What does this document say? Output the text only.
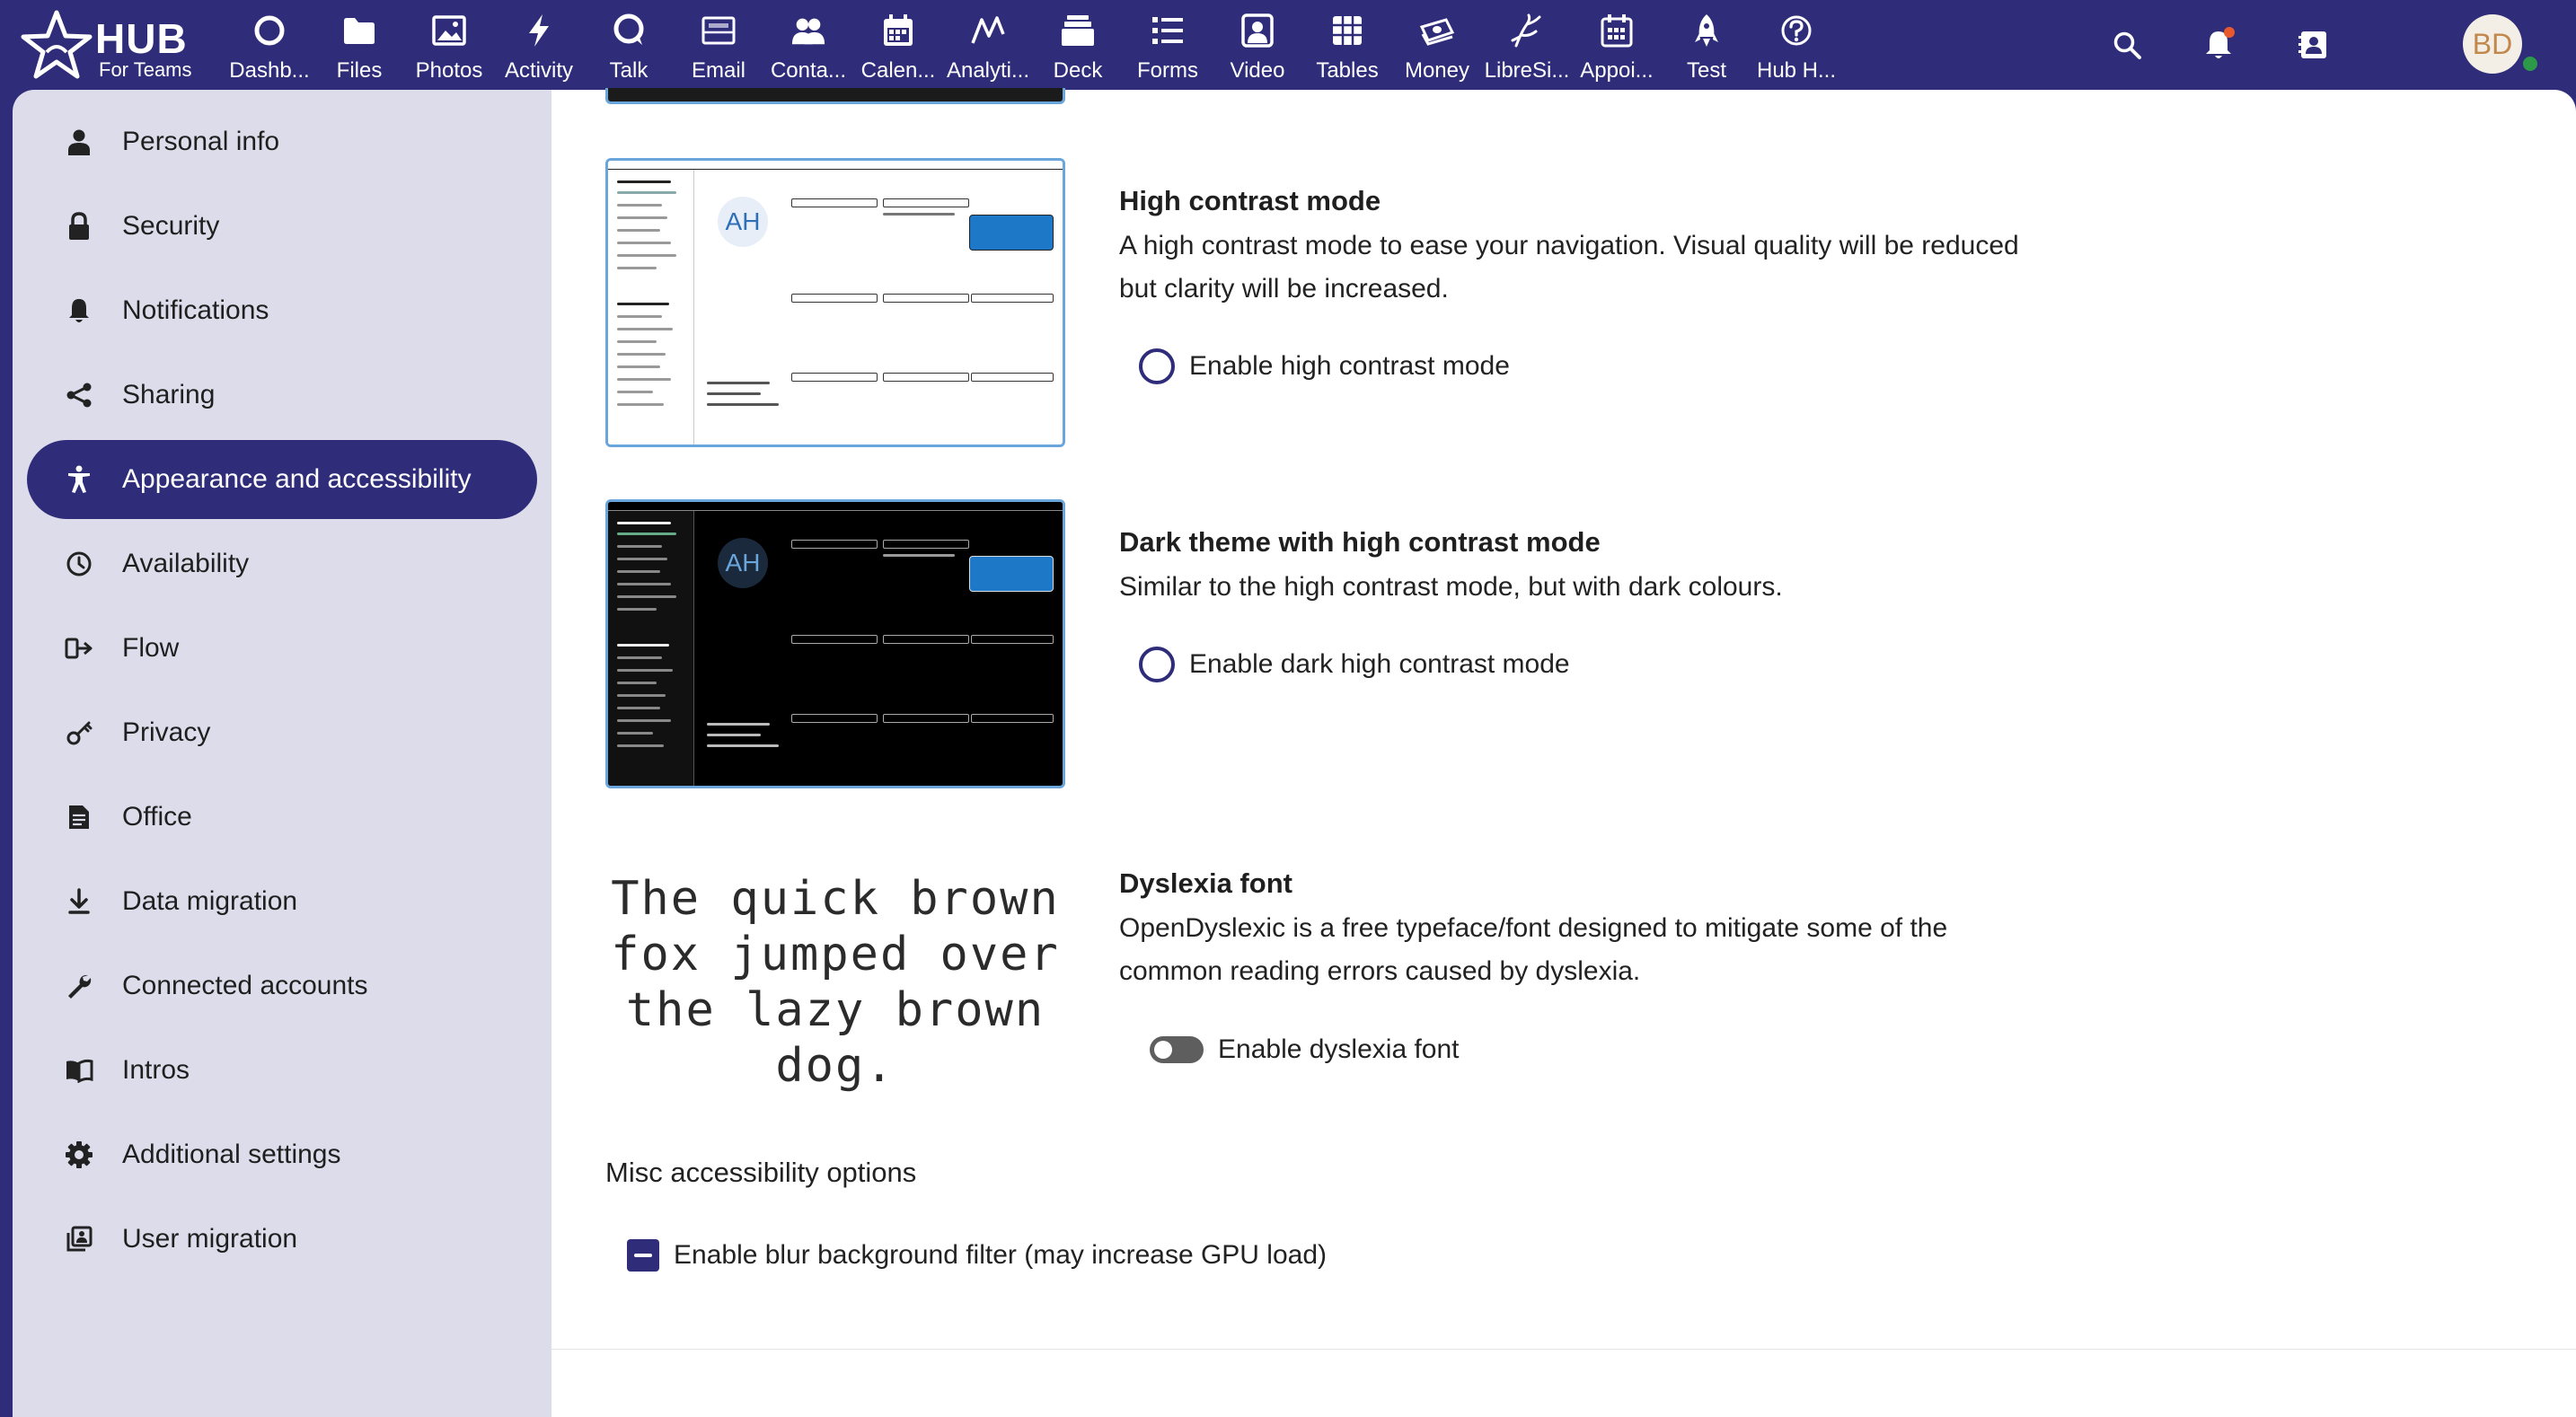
HUB
For Teams Dashb... Files Photos Activity Talk Email Conta... Calen... Analyti... Deck Forms Video Tables Money LibreSi... Appoi... Test Hub H...
BD
Personal info
Security
Notifications
Sharing
Appearance and accessibility
Availability
Flow
Privacy
Office
Data migration
Connected accounts
Intros
Additional settings
User migration
AH
High contrast mode
A high contrast mode to ease your navigation. Visual quality will be reduced but clarity will be increased.
Enable high contrast mode
AH
Dark theme with high contrast mode
Similar to the high contrast mode, but with dark colours.
Enable dark high contrast mode
The quick brown fox jumped over the lazy brown dog.
Dyslexia font
OpenDyslexic is a free typeface/font designed to mitigate some of the common reading errors caused by dyslexia.
Enable dyslexia font
Misc accessibility options
Enable blur background filter (may increase GPU load)
